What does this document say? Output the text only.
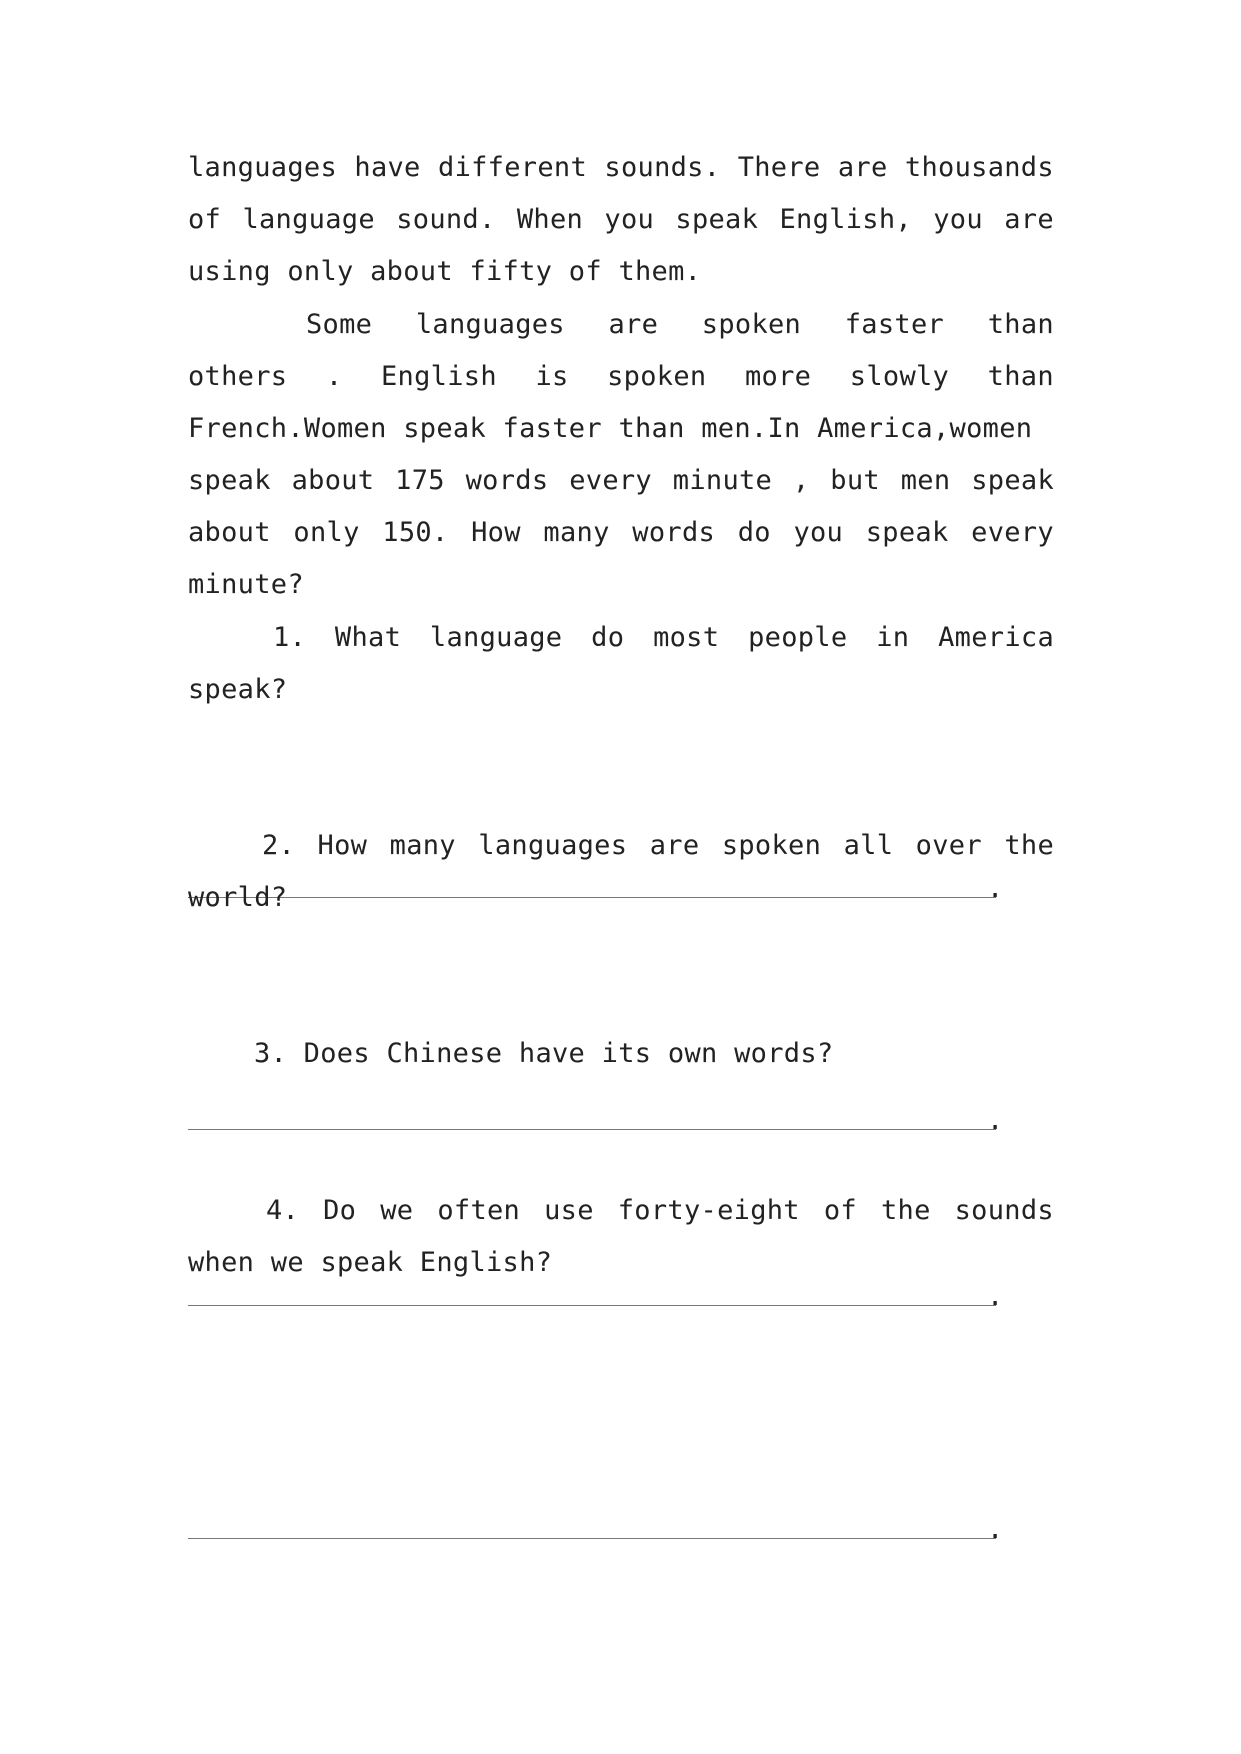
languages have different sounds. There are thousands
of language sound. When you speak English, you are
using only about fifty of them.
Some languages are spoken faster than
others . English is spoken more slowly than
French.Women speak faster than men.In America,women
speak about 175 words every minute , but men speak
about only 150. How many words do you speak every
minute?
1. What language do most people in America
speak?
.
2. How many languages are spoken all over the
world?
.
3. Does Chinese have its own words?
.
4. Do we often use forty-eight of the sounds
when we speak English?
.
